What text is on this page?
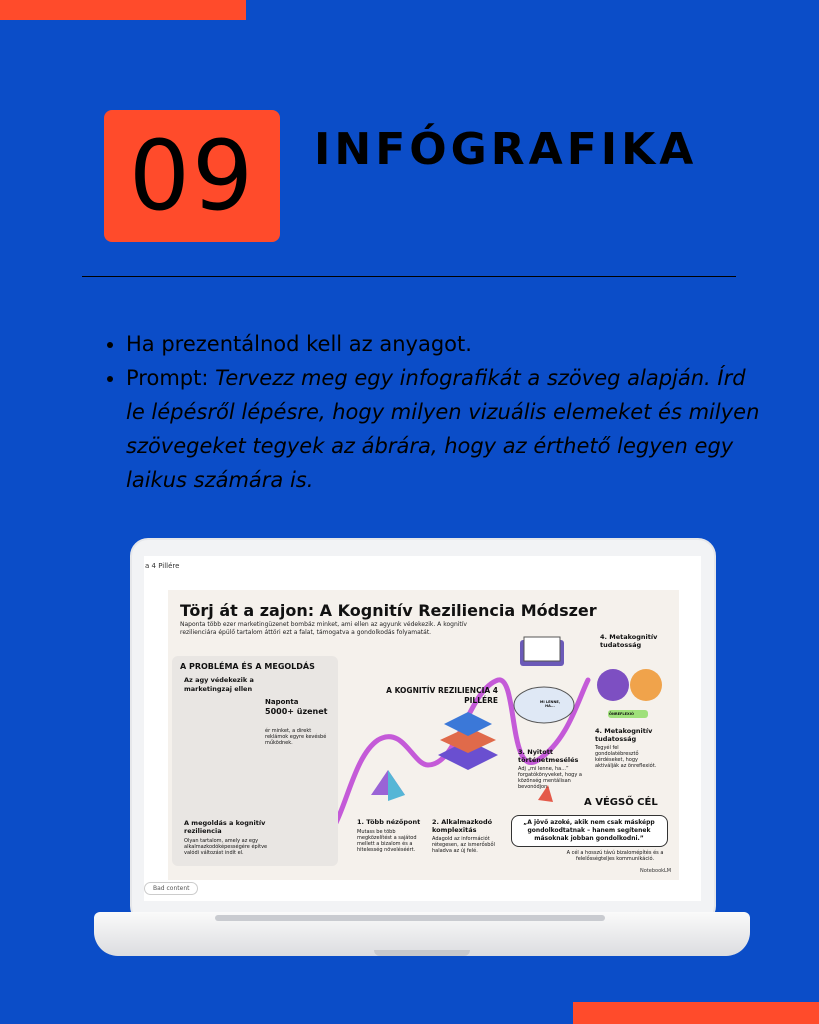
09 INFÓGRAFIKA
• Ha prezentálnod kell az anyagot.
• Prompt: Tervezz meg egy infografikát a szöveg alapján. Írd le lépésről lépésre, hogy milyen vizuális elemeket és milyen szövegeket tegyek az ábrára, hogy az érthető legyen egy laikus számára is.
a 4 Pillére
Törj át a zajon: A Kognitív Reziliencia Módszer
Naponta több ezer marketingüzenet bombáz minket, ami ellen az agyunk védekezik. A kognitív rezilienciára épülő tartalom áttöri ezt a falat, támogatva a gondolkodás folyamatát.
A PROBLÉMA ÉS A MEGOLDÁS
Az agy védekezik a marketingzaj ellen
Naponta
5000+ üzenet
ér minket, a direkt reklámok egyre kevésbé működnek.
A megoldás a kognitív reziliencia
Olyan tartalom, amely az egy alkalmazkodóképességére építve valódi változást indít el.
A KOGNITÍV REZILIENCIA 4 PILLÉRE
1. Több nézőpont
Mutass be több megközelítést a sajátod mellett a bizalom és a hitelesség növeléséért.
2. Alkalmazkodó komplexitás
Adagold az információt rétegesen, az ismerősből haladva az új felé.
3. Nyitott történetmesélés
Adj „mi lenne, ha...” forgatókönyveket, hogy a közönség mentálisan bevonódjon.
MI LENNE, HA...
4. Metakognitív tudatosság
ÖNREFLEXIÓ
4. Metakognitív tudatosság
Tegyél fel gondolatébresztő kérdéseket, hogy aktiválják az önreflexiót.
A VÉGSŐ CÉL
„A jövő azoké, akik nem csak másképp gondolkodtatnak – hanem segítenek másoknak jobban gondolkodni.”
A cél a hosszú távú bizalomépítés és a felelősségteljes kommunikáció.
NotebookLM
Bad content
